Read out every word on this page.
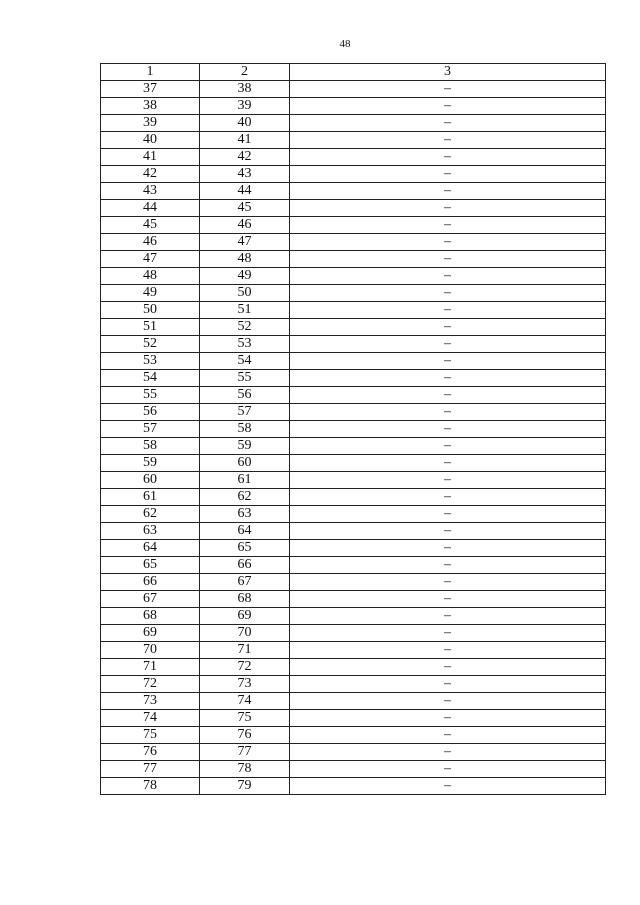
48
1	2	3
37	38	–
38	39	–
39	40	–
40	41	–
41	42	–
42	43	–
43	44	–
44	45	–
45	46	–
46	47	–
47	48	–
48	49	–
49	50	–
50	51	–
51	52	–
52	53	–
53	54	–
54	55	–
55	56	–
56	57	–
57	58	–
58	59	–
59	60	–
60	61	–
61	62	–
62	63	–
63	64	–
64	65	–
65	66	–
66	67	–
67	68	–
68	69	–
69	70	–
70	71	–
71	72	–
72	73	–
73	74	–
74	75	–
75	76	–
76	77	–
77	78	–
78	79	–
